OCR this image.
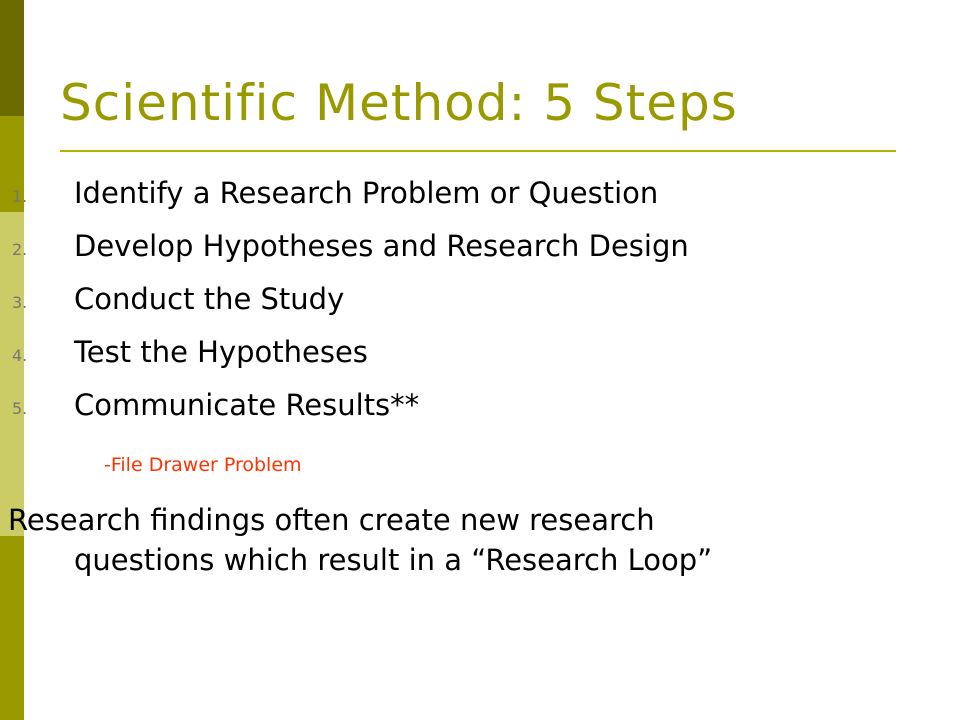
Scientific Method: 5 Steps
1.	Identify a Research Problem or Question
2.	Develop Hypotheses and Research Design
3.	Conduct the Study
4.	Test the Hypotheses
5.	Communicate Results**
-File Drawer Problem
Research findings often create new research
questions which result in a “Research Loop”
